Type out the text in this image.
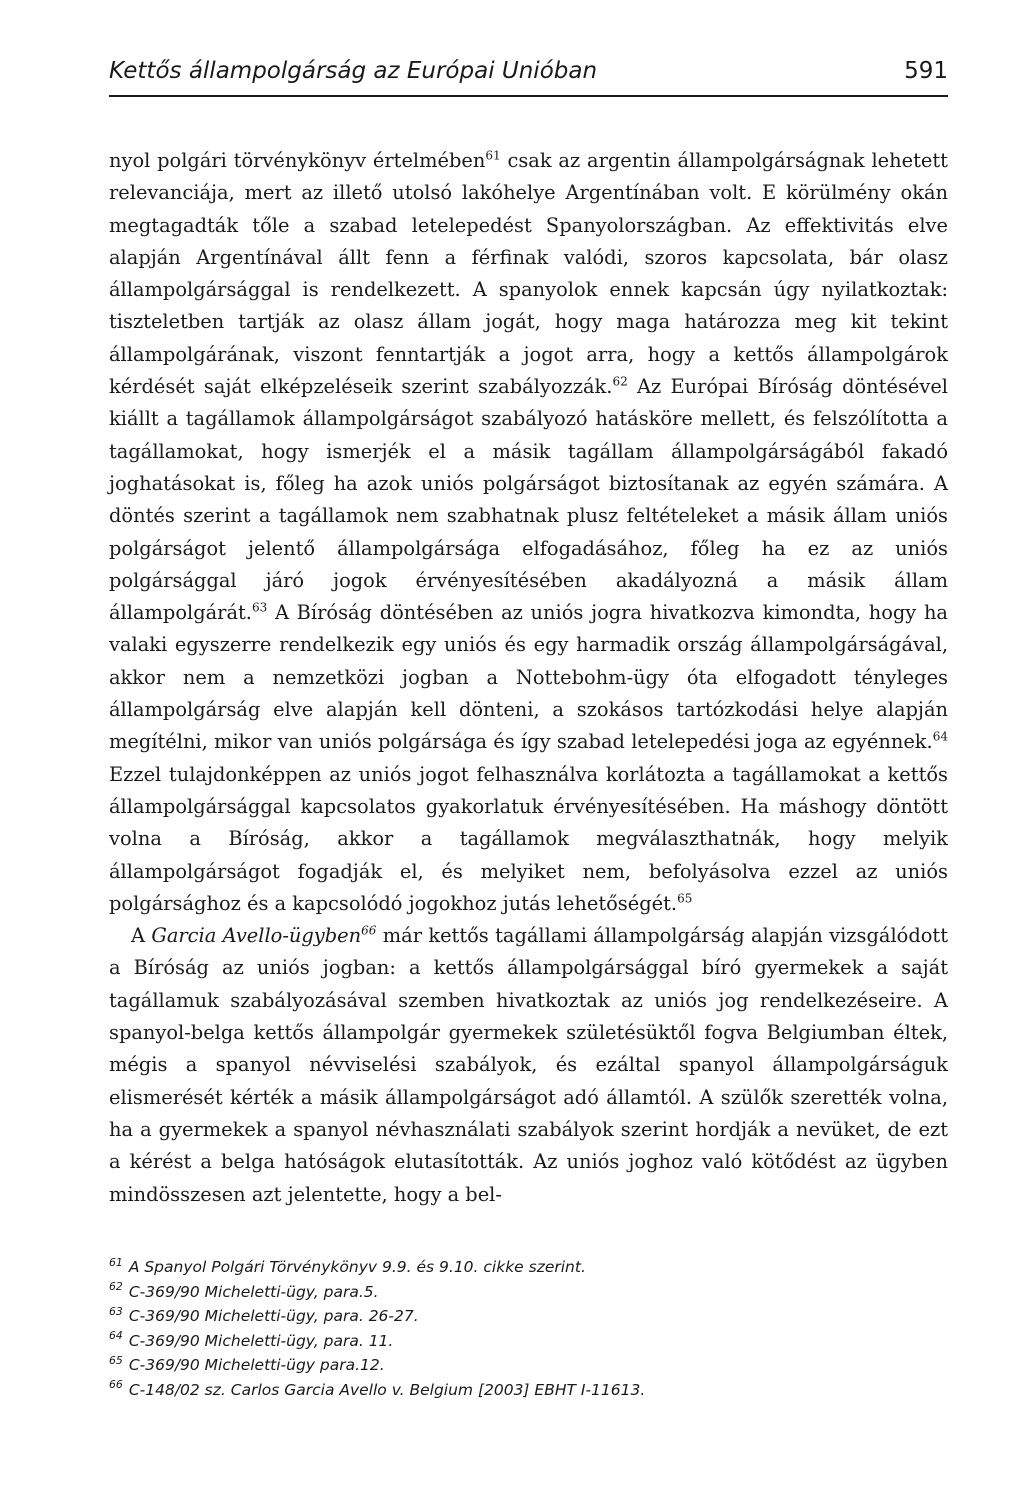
Kettős állampolgárság az Európai Unióban	591

nyol polgári törvénykönyv értelmében$^{61}$ csak az argentin állampolgárságnak lehetett relevanciája, mert az illető utolsó lakóhelye Argentínában volt. E körülmény okán megtagadták tőle a szabad letelepedést Spanyolországban. Az effektivitás elve alapján Argentínával állt fenn a férfinak valódi, szoros kapcsolata, bár olasz állampolgársággal is rendelkezett. A spanyolok ennek kapcsán úgy nyilatkoztak: tiszteletben tartják az olasz állam jogát, hogy maga határozza meg kit tekint állampolgárának, viszont fenntartják a jogot arra, hogy a kettős állampolgárok kérdését saját elképzeléseik szerint szabályozzák.$^{62}$ Az Európai Bíróság döntésével kiállt a tagállamok állampolgárságot szabályozó hatásköre mellett, és felszólította a tagállamokat, hogy ismerjék el a másik tagállam állampolgárságából fakadó joghatásokat is, főleg ha azok uniós polgárságot biztosítanak az egyén számára. A döntés szerint a tagállamok nem szabhatnak plusz feltételeket a másik állam uniós polgárságot jelentő állampolgársága elfogadásához, főleg ha ez az uniós polgársággal járó jogok érvényesítésében akadályozná a másik állam állampolgárát.$^{63}$ A Bíróság döntésében az uniós jogra hivatkozva kimondta, hogy ha valaki egyszerre rendelkezik egy uniós és egy harmadik ország állampolgárságával, akkor nem a nemzetközi jogban a Nottebohm-ügy óta elfogadott tényleges állampolgárság elve alapján kell dönteni, a szokásos tartózkodási helye alapján megítélni, mikor van uniós polgársága és így szabad letelepedési joga az egyénnek.$^{64}$ Ezzel tulajdonképpen az uniós jogot felhasználva korlátozta a tagállamokat a kettős állampolgársággal kapcsolatos gyakorlatuk érvényesítésében. Ha máshogy döntött volna a Bíróság, akkor a tagállamok megválaszthatnák, hogy melyik állampolgárságot fogadják el, és melyiket nem, befolyásolva ezzel az uniós polgársághoz és a kapcsolódó jogokhoz jutás lehetőségét.$^{65}$

A Garcia Avello-ügyben$^{66}$ már kettős tagállami állampolgárság alapján vizsgálódott a Bíróság az uniós jogban: a kettős állampolgársággal bíró gyermekek a saját tagállamuk szabályozásával szemben hivatkoztak az uniós jog rendelkezéseire. A spanyol-belga kettős állampolgár gyermekek születésüktől fogva Belgiumban éltek, mégis a spanyol névviselési szabályok, és ezáltal spanyol állampolgárságuk elismerését kérték a másik állampolgárságot adó államtól. A szülők szerették volna, ha a gyermekek a spanyol névhasználati szabályok szerint hordják a nevüket, de ezt a kérést a belga hatóságok elutasították. Az uniós joghoz való kötődést az ügyben mindösszesen azt jelentette, hogy a bel-

$^{61}$ A Spanyol Polgári Törvénykönyv 9.9. és 9.10. cikke szerint.
$^{62}$ C-369/90 Micheletti-ügy, para.5.
$^{63}$ C-369/90 Micheletti-ügy, para. 26-27.
$^{64}$ C-369/90 Micheletti-ügy, para. 11.
$^{65}$ C-369/90 Micheletti-ügy para.12.
$^{66}$ C-148/02 sz. Carlos Garcia Avello v. Belgium [2003] EBHT I-11613.
